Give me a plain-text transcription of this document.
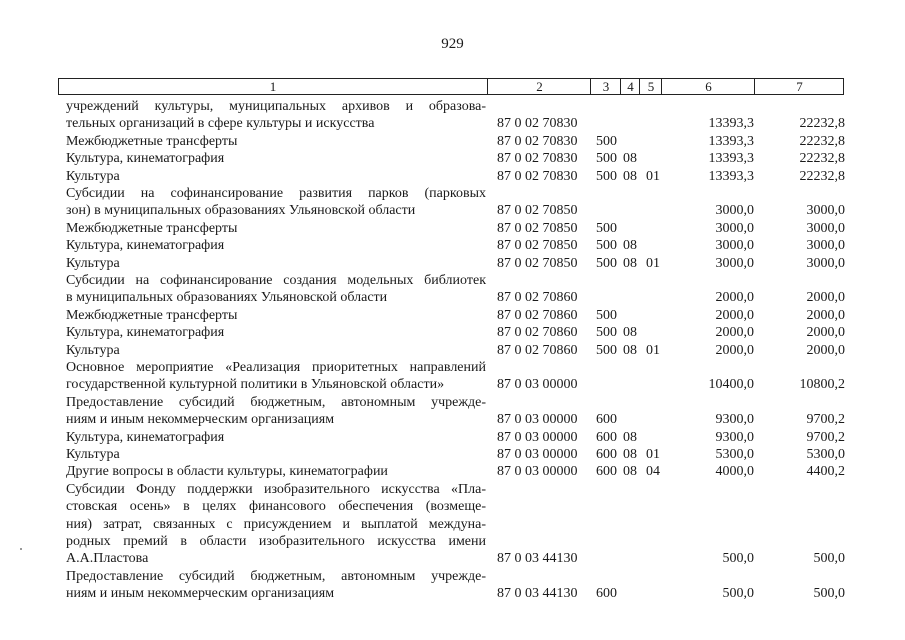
929
1	2	3	4	5	6	7
учреждений культуры, муниципальных архивов и образова-
тельных организаций в сфере культуры и искусства	87 0 02 70830	13393,3	22232,8
Межбюджетные трансферты	87 0 02 70830 500	13393,3	22232,8
Культура, кинематография	87 0 02 70830 500 08	13393,3	22232,8
Культура	87 0 02 70830 500 08 01	13393,3	22232,8
Субсидии на софинансирование развития парков (парковых
зон) в муниципальных образованиях Ульяновской области	87 0 02 70850	3000,0	3000,0
Межбюджетные трансферты	87 0 02 70850 500	3000,0	3000,0
Культура, кинематография	87 0 02 70850 500 08	3000,0	3000,0
Культура	87 0 02 70850 500 08 01	3000,0	3000,0
Субсидии на софинансирование создания модельных библиотек
в муниципальных образованиях Ульяновской области	87 0 02 70860	2000,0	2000,0
Межбюджетные трансферты	87 0 02 70860 500	2000,0	2000,0
Культура, кинематография	87 0 02 70860 500 08	2000,0	2000,0
Культура	87 0 02 70860 500 08 01	2000,0	2000,0
Основное мероприятие «Реализация приоритетных направлений
государственной культурной политики в Ульяновской области»	87 0 03 00000	10400,0	10800,2
Предоставление субсидий бюджетным, автономным учрежде-
ниям и иным некоммерческим организациям	87 0 03 00000 600	9300,0	9700,2
Культура, кинематография	87 0 03 00000 600 08	9300,0	9700,2
Культура	87 0 03 00000 600 08 01	5300,0	5300,0
Другие вопросы в области культуры, кинематографии	87 0 03 00000 600 08 04	4000,0	4400,2
Субсидии Фонду поддержки изобразительного искусства «Пла-
стовская осень» в целях финансового обеспечения (возмеще-
ния) затрат, связанных с присуждением и выплатой междуна-
родных премий в области изобразительного искусства имени
А.А.Пластова	87 0 03 44130	500,0	500,0
Предоставление субсидий бюджетным, автономным учрежде-
ниям и иным некоммерческим организациям	87 0 03 44130 600	500,0	500,0
